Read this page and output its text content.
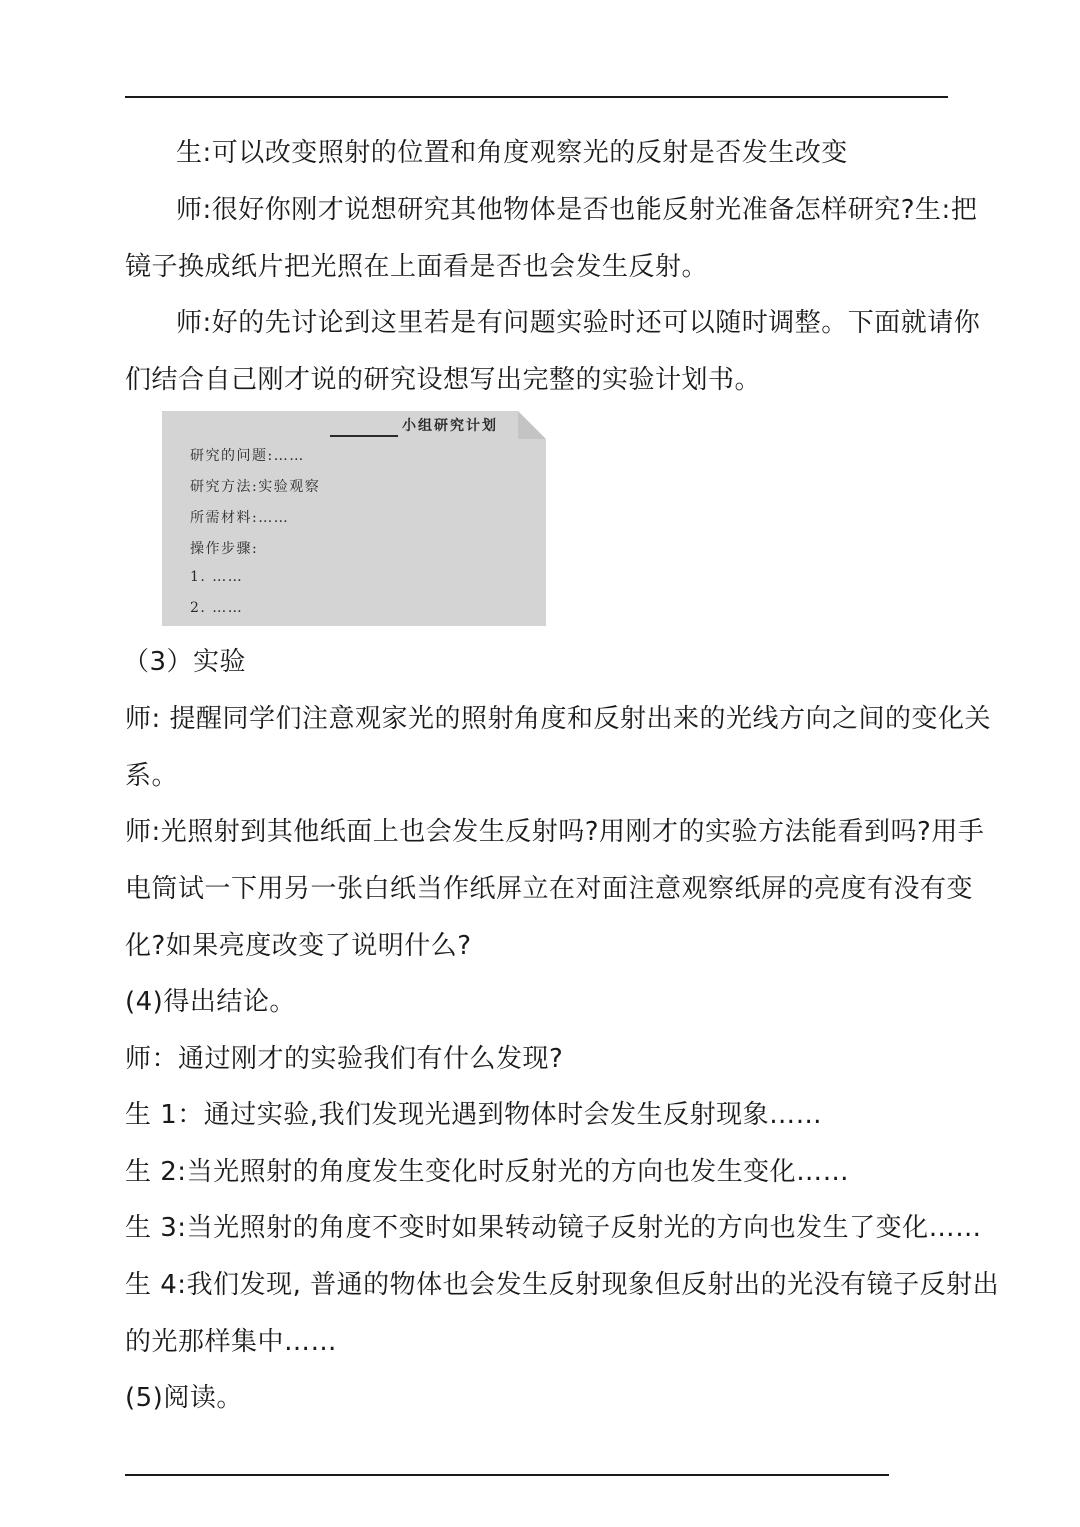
生:可以改变照射的位置和角度观察光的反射是否发生改变
师:很好你刚才说想研究其他物体是否也能反射光准备怎样研究?生:把
镜子换成纸片把光照在上面看是否也会发生反射。
师:好的先讨论到这里若是有问题实验时还可以随时调整。下面就请你
们结合自己刚才说的研究设想写出完整的实验计划书。
小组研究计划
研究的问题:……
研究方法:实验观察
所需材料:……
操作步骤:
1. ……
2. ……
（3）实验
师: 提醒同学们注意观家光的照射角度和反射出来的光线方向之间的变化关
系。
师:光照射到其他纸面上也会发生反射吗?用刚才的实验方法能看到吗?用手
电筒试一下用另一张白纸当作纸屏立在对面注意观察纸屏的亮度有没有变
化?如果亮度改变了说明什么?
(4)得出结论。
师：通过刚才的实验我们有什么发现?
生 1：通过实验,我们发现光遇到物体时会发生反射现象……
生 2:当光照射的角度发生变化时反射光的方向也发生变化……
生 3:当光照射的角度不变时如果转动镜子反射光的方向也发生了变化……
生 4:我们发现, 普通的物体也会发生反射现象但反射出的光没有镜子反射出
的光那样集中……
(5)阅读。
